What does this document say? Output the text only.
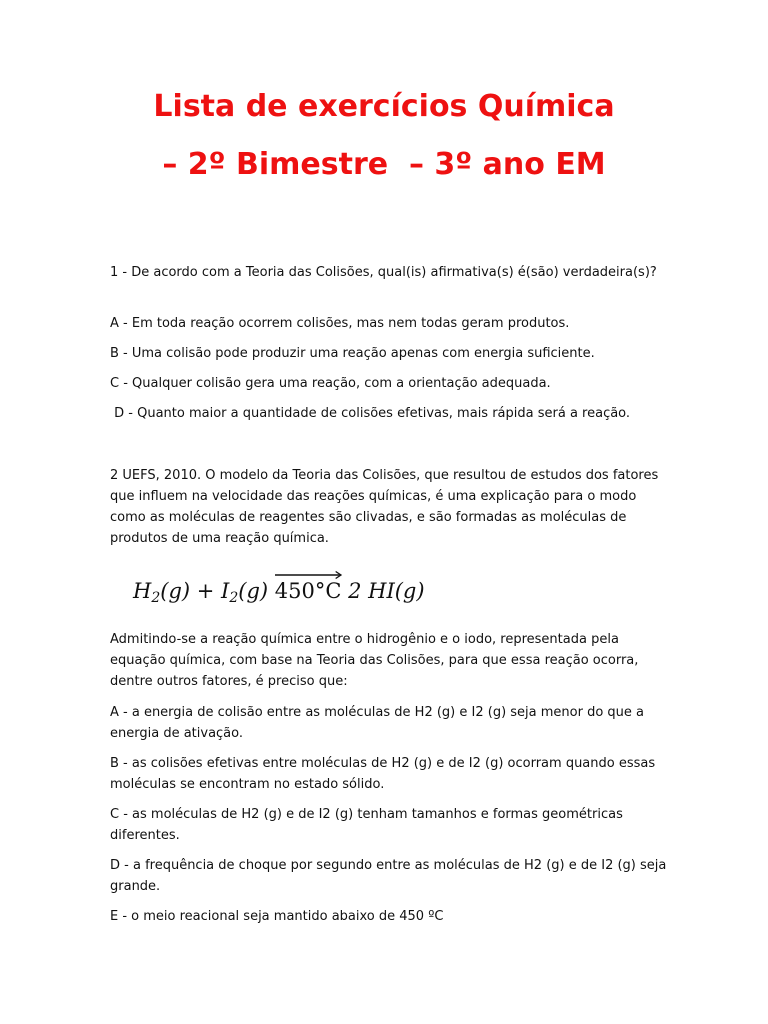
Lista de exercícios Química
– 2º Bimestre  – 3º ano EM
1 - De acordo com a Teoria das Colisões, qual(is) afirmativa(s) é(são) verdadeira(s)?
A - Em toda reação ocorrem colisões, mas nem todas geram produtos.
B - Uma colisão pode produzir uma reação apenas com energia suficiente.
C - Qualquer colisão gera uma reação, com a orientação adequada.
D - Quanto maior a quantidade de colisões efetivas, mais rápida será a reação.
2 UEFS, 2010. O modelo da Teoria das Colisões, que resultou de estudos dos fatores que influem na velocidade das reações químicas, é uma explicação para o modo como as moléculas de reagentes são clivadas, e são formadas as moléculas de produtos de uma reação química.
$H_2(g) + I_2(g)$
450°C 2 HI(g)
Admitindo-se a reação química entre o hidrogênio e o iodo, representada pela equação química, com base na Teoria das Colisões, para que essa reação ocorra, dentre outros fatores, é preciso que:
A - a energia de colisão entre as moléculas de H2 (g) e I2 (g) seja menor do que a energia de ativação.
B - as colisões efetivas entre moléculas de H2 (g) e de I2 (g) ocorram quando essas moléculas se encontram no estado sólido.
C - as moléculas de H2 (g) e de I2 (g) tenham tamanhos e formas geométricas diferentes.
D - a frequência de choque por segundo entre as moléculas de H2 (g) e de I2 (g) seja grande.
E - o meio reacional seja mantido abaixo de 450 ºC
